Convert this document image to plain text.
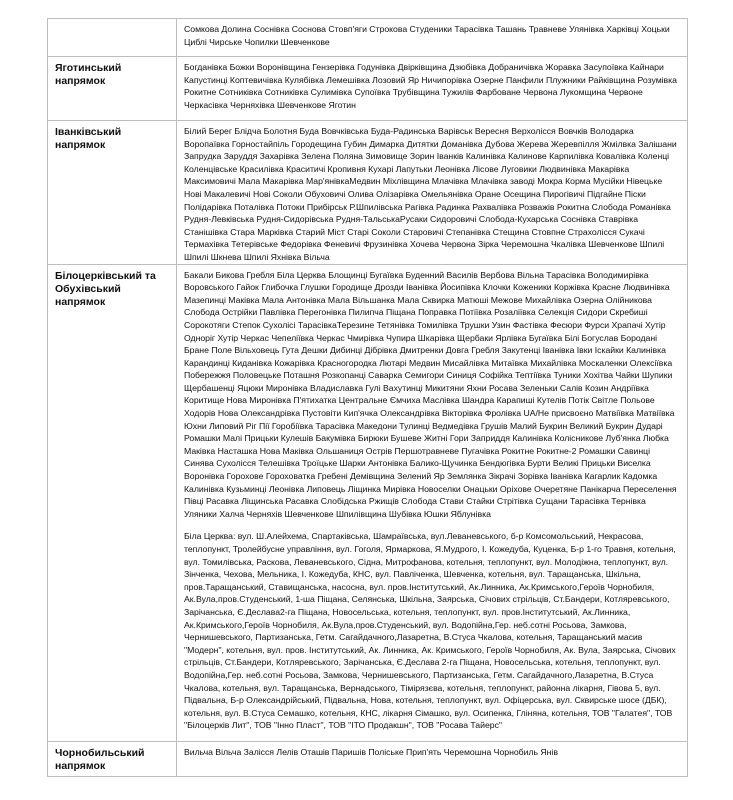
	Сомкова Долина Соснівка Соснова Стовп'яги Строкова Студеники Тарасівка Ташань Травневе Улянівка Харківці Хоцьки Циблі Чирське Чопилки Шевченкове

Яготинський напрямок	Богданівка Божки Воронівщина Гензерівка Годунівка Двірківщина Дзюбівка Добраничівка Жоравка Засупоївка Кайнари Капустинці Коптевичівка Кулябівка Лемешівка Лозовий Яр Ничипорівка Озерне Панфили Плужники Райківщина Розумівка Рокитне Сотниківка Сотниківка Сулимівка Супоївка Трубівщина Тужилів Фарбоване Червона Лукомщина Червоне Черкасівка Черняхівка Шевченкове Яготин

Іванківський напрямок	Білий Берег Блідча Болотня Буда Вовчківська Буда-Радинська Варівськ Вересня Верхолісся Вовчків Володарка Воропаївка Горностайпіль Городещина Губин Димарка Дитятки Доманівка Дубова Жерева Жеревпілля Жмілвка Залішани Запрудка Заруддя Захарівка Зелена Поляна Зимовище Зорин Іванків Калинівка Калинове Карпилівка Ковалівка Коленці Коленцівське Красилівка Краситичі Кропивня Кухарі Лапутьки Леонівка Лісове Луговики Людвинівка Макарівка Максимовичі Мала Макарівка Мар'янівкаМедвин Міхлівщина Млачівка Млачівка заводі Мокра Корма Мусійки Нівецьке Нові Макалевичі Нові Соколи Обуховичі Олива Олізарівка Омельянівка Оране Осещина Пирогівичі Підгайне Піски Полідарівка Поталівка Потоки Прибірськ Р.Шпилівська Рагівка Радинка Рахвалівка Розважів Рокитна Слобода Романівка Рудня-Левківська Рудня-Сидорівська Рудня-ТальськаРусаки Сидоровичі Слобода-Кухарська Соснівка Ставрівка Станішівка Стара Марківка Старий Міст Старі Соколи Старовичі Степанівка Стещина Стовпне Страхолісся Сукачі Термахівка Тетерівське Федорівка Феневичі Фрузинівка Хочева Червона Зірка Черемошна Чкалівка Шевченкове Шпилі Шпилі Шкнева Шпилі Яхнівка Вільча

Білоцерківський та Обухівський напрямок	Бакали Бикова Гребля Біла Церква Блощинці Бугаївка Буденний Василів Вербова Вільна Тарасівка Володимирівка Воровського Гайок Глибочка Глушки Городище Дрозди Іванівка Йосипівка Клочки Коженики Коржівка Красне Людвинівка Мазепинці Маківка Мала Антонівка Мала Вільшанка Мала Сквирка Матюші Межове Михайлівка Озерна Олійникова Слобода Острійки Павлівка Перегонівка Пилипча Піщана Поправка Потіївка Розаліївка Селекція Сидори Скребиші Сорокотяги Степок Сухолісі ТарасівкаТерезине Тетянівка Томилівка Трушки Узин Фастівка Фесюри Фурси Храпачі Хутір Одноріг Хутір Черкас Чепеліївка Черкас Чмирівка Чупира Шкарівка Щербаки Ярлівка Бугаївка Білі Богуслав Бородані Бране Поле Вільховець Гута Дешки Дибинці Дібрівка Дмитренки Довга Гребля Закутенці Іванівка Івки Іскайки Калинівка Карандинці Киданівка Кожарівка Красногородка Лютарі Медвин Мисайлівка Митаївка Михайлівка Москаленки Олексіївка Побережжя Половецьке Поташня Розкопанці Саварка Семигори Синиця Софійка Тептіївка Туники Хохітва Чайки Шупики Щербашенці Яцюки Миронівка Владиславка Гулі Вахутинці Микитяни Яхни Росава Зеленьки Салів Козин Андріївка Коритище Нова Миронівка П'ятихатка Центральне Ємчиха Маслівка Шандра Карапиші Кутелів Потік Світле Польове Ходорів Нова Олександрівка Пустовіти Кип'ячка Олександрівка Вікторівка Фролівка UA/Не присвоєно Матвіївка Матвіївка Юхни Липовий Ріг Пії Горобіївка Тарасівка Македони Тулинці Ведмедівка Грушів Малий Букрин Великий Букрин Дударі Ромашки Малі Прицьки Кулешів Бакумівка Бирюки Бушеве Житні Гори Заприддя Калинівка Колісникове Луб'янка Любка Маківка Насташка Нова Маківка Ольшаниця Острів Першотравневе Пугачівка Рокитне Рокитне-2 Ромашки Савинці Синява Сухолісся Телешівка Троїцьке Шарки Антонівка Балико-Щучинка Бендюгівка Бурти Великі Прицьки Виселка Воронівка Горохове Гороховатка Гребені Демівщина Зелений Яр Землянка Зікрачі Зорівка Іванівка Кагарлик Кадомка Калинівка Кузьминці Леонівка Липовець Ліщинка Мирівка Новоселки Онацьки Оріхове Очеретяне Панікарча Переселення Півці Расавка Ліщинська Расавка Слобідська Ржищів Слобода Стави Стайки Стрітівка Сущани Тарасівка Тернівка Уляники Халча Черняхів Шевченкове Шпилівщина Шубівка Юшки Яблунівка

Біла Церква: вул. Ш.Алейхема, Спартаківська, Шамраївська, вул.Леваневського, б-р Комсомольський, Некрасова, теплопункт, Тролейбусне управління, вул. Гоголя, Ярмаркова, Я.Мудрого, І. Кожедуба, Куценка, Б-р 1-го Травня, котельня, вул. Томилівська, Раскова, Леваневського, Сідна, Митрофанова, котельня, теплопункт, вул. Молодіжна, теплопункт, вул. Зінченка, Чехова, Мельника, І. Кожедуба, КНС, вул. Павліченка, Шевченка, котельня, вул. Таращанська, Шкільна, пров.Таращанський, Ставищанська, насосна, вул. пров.Інститутський, Ак.Линника, Ак.Кримського,Героїв Чорнобиля, Ак.Вула,пров.Студенський, 1-ша Піщана, Селянська, Шкільна, Заярська, Січових стрільців, Ст.Бандери, Котляревського, Зарічанська, Є.Деслава2-га Піщана, Новосельська, котельня, теплопункт, вул. пров.Інститутський, Ак.Линника, Ак.Кримського,Героїв Чорнобиля, Ак.Вула,пров.Студенський, вул. Водопійна,Гер. неб.сотні Росьова, Замкова, Чернишевського, Партизанська, Гетм. Сагайдачного,Лазаретна, В.Стуса Чкалова, котельня, Таращанський масив "Модерн", котельня, вул. пров. Інститутський, Ак. Линника, Ак. Кримського, Героїв Чорнобиля, Ак. Вула, Заярська, Січових стрільців, Ст.Бандери, Котляревського, Зарічанська, Є.Деслава 2-га Піщана, Новосельська, котельня, теплопункт, вул. Водопійна,Гер. неб.сотні Росьова, Замкова, Чернишевського, Партизанська, Гетм. Сагайдачного,Лазаретна, В.Стуса Чкалова, котельня, вул. Таращанська, Вернадського, Тімірязєва, котельня, теплопункт, районна лікарня, Гівова 5, вул. Підвальна, Б-р Олександрійський, Підвальна, Нова, котельня, теплопункт, вул. Офіцерська, вул. Сквирське шосе (ДБК), котельня, вул. В.Стуса Семашко, котельня, КНС, лікарня Сімашко, вул. Осипенка, Гліняна, котельня, ТОВ "Галатея", ТОВ "Білоцерків Лит", ТОВ "Інно Пласт", ТОВ "ІТО Продакшн", ТОВ "Росава Тайерс"

Чорнобильський напрямок	Вильча Вільча Залісся Лелів Оташів Паришів Поліське Прип'ять Черемошна Чорнобиль Янів
